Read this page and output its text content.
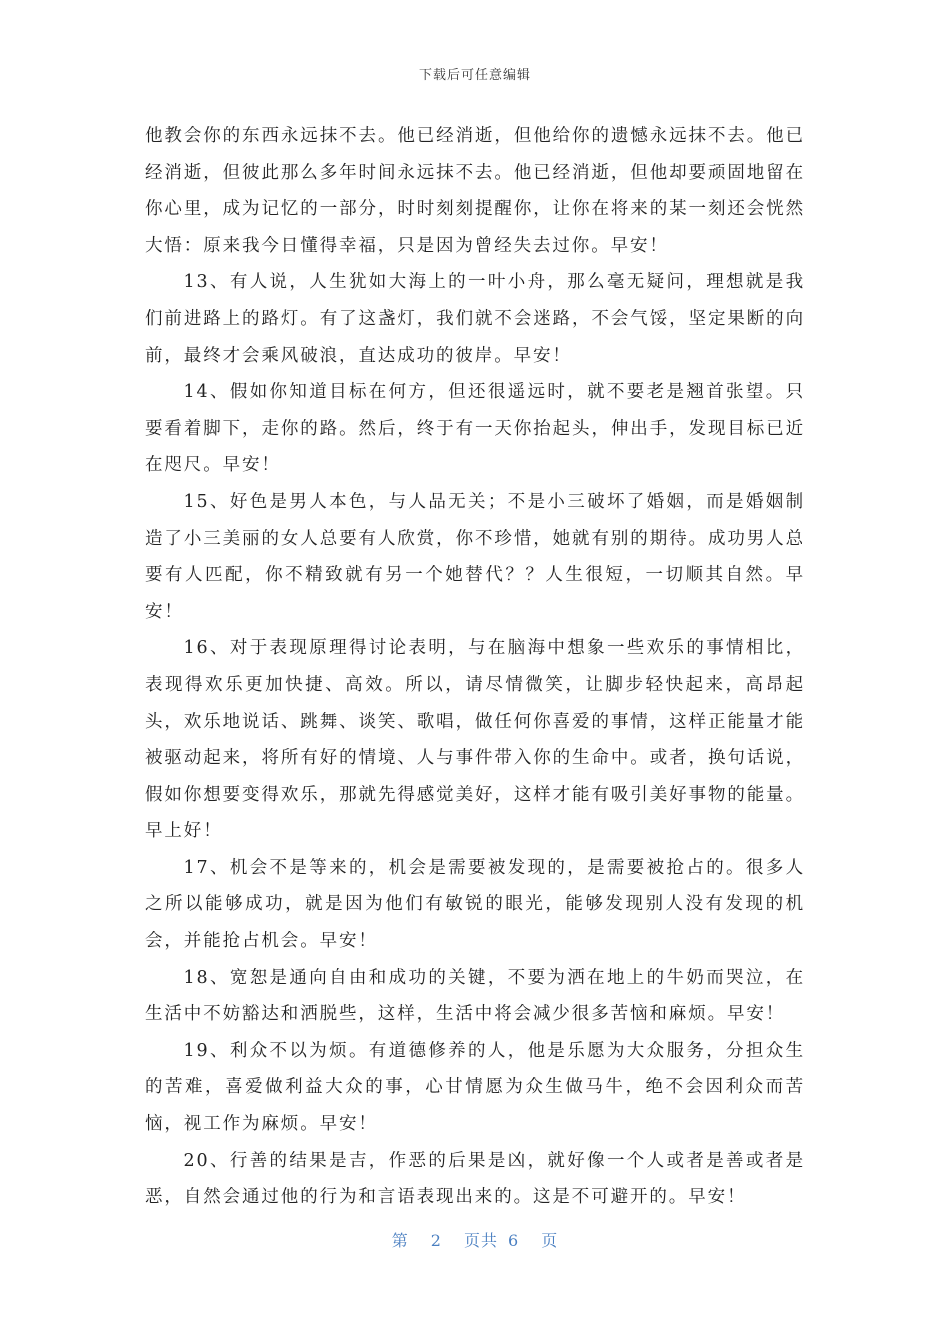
下载后可任意编辑

他教会你的东西永远抹不去。他已经消逝，但他给你的遗憾永远抹不去。他已经消逝，但彼此那么多年时间永远抹不去。他已经消逝，但他却要顽固地留在你心里，成为记忆的一部分，时时刻刻提醒你，让你在将来的某一刻还会恍然大悟：原来我今日懂得幸福，只是因为曾经失去过你。早安！

13、有人说，人生犹如大海上的一叶小舟，那么毫无疑问，理想就是我们前进路上的路灯。有了这盏灯，我们就不会迷路，不会气馁，坚定果断的向前，最终才会乘风破浪，直达成功的彼岸。早安！

14、假如你知道目标在何方，但还很遥远时，就不要老是翘首张望。只要看着脚下，走你的路。然后，终于有一天你抬起头，伸出手，发现目标已近在咫尺。早安！

15、好色是男人本色，与人品无关；不是小三破坏了婚姻，而是婚姻制造了小三美丽的女人总要有人欣赏，你不珍惜，她就有别的期待。成功男人总要有人匹配，你不精致就有另一个她替代？？人生很短，一切顺其自然。早安！

16、对于表现原理得讨论表明，与在脑海中想象一些欢乐的事情相比，表现得欢乐更加快捷、高效。所以，请尽情微笑，让脚步轻快起来，高昂起头，欢乐地说话、跳舞、谈笑、歌唱，做任何你喜爱的事情，这样正能量才能被驱动起来，将所有好的情境、人与事件带入你的生命中。或者，换句话说，假如你想要变得欢乐，那就先得感觉美好，这样才能有吸引美好事物的能量。早上好！

17、机会不是等来的，机会是需要被发现的，是需要被抢占的。很多人之所以能够成功，就是因为他们有敏锐的眼光，能够发现别人没有发现的机会，并能抢占机会。早安！

18、宽恕是通向自由和成功的关键，不要为洒在地上的牛奶而哭泣，在生活中不妨豁达和洒脱些，这样，生活中将会减少很多苦恼和麻烦。早安！

19、利众不以为烦。有道德修养的人，他是乐愿为大众服务，分担众生的苦难，喜爱做利益大众的事，心甘情愿为众生做马牛，绝不会因利众而苦恼，视工作为麻烦。早安！

20、行善的结果是吉，作恶的后果是凶，就好像一个人或者是善或者是恶，自然会通过他的行为和言语表现出来的。这是不可避开的。早安！

第 2 页共 6 页
